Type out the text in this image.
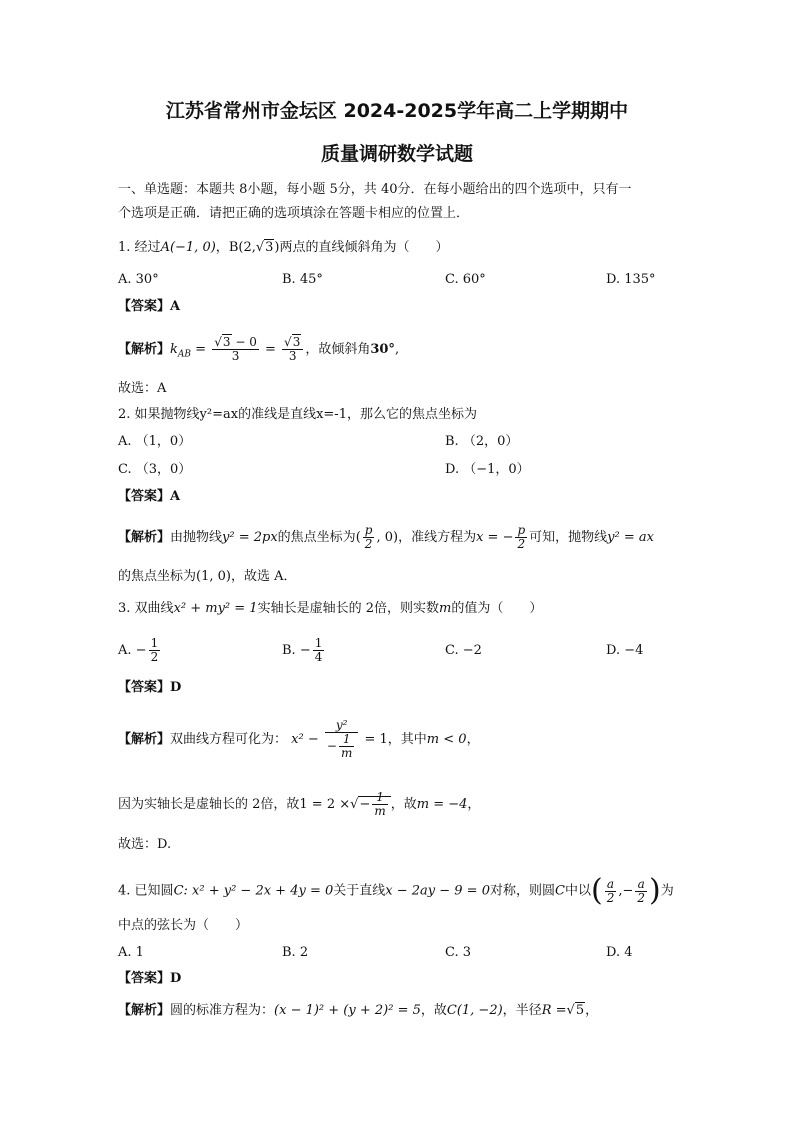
江苏省常州市金坛区 2024-2025学年高二上学期期中
质量调研数学试题
一、单选题：本题共 8小题，每小题 5分，共 40分．在每小题给出的四个选项中，只有一
个选项是正确．请把正确的选项填涂在答题卡相应的位置上．
1. 经过A(−1, 0)，B(2,√3)两点的直线倾斜角为（　　）
A. 30°	B. 45°	C. 60°	D. 135°
【答案】A
【解析】$k_{AB} = \frac{√3 - 0}{3} = \frac{√3}{3}$ ，故倾斜角30°,
故选：A
2. 如果抛物线y²=ax的准线是直线x=-1，那么它的焦点坐标为
A. （1，0）	B. （2，0）
C. （3，0）	D. （−1，0）
【答案】A
【解析】由抛物线y² = 2px的焦点坐标为( $\frac{p}{2}$ , 0)，准线方程为x = − $\frac{p}{2}$ 可知，抛物线y² = ax
的焦点坐标为(1, 0)，故选 A．
3. 双曲线x² + my² = 1实轴长是虚轴长的 2倍，则实数m的值为（　　）
A. − $\frac{1}{2}$	B. − $\frac{1}{4}$	C. −2	D. −4
【答案】D
【解析】双曲线方程可化为： $x^2 - \frac{\text{y²}}{- \frac{1}{m}} = 1$，其中m < 0，
因为实轴长是虚轴长的 2倍，故1 = 2 ×√− $\frac{1}{m}$ ，故m = −4，
故选：D.
4. 已知圆C: x² + y² − 2x + 4y = 0关于直线x − 2ay − 9 = 0对称，则圆C中以( $\frac{a}{2}$ ,− $\frac{a}{2}$ )为
中点的弦长为（　　）
A. 1	B. 2	C. 3	D. 4
【答案】D
【解析】圆的标准方程为：(x − 1)² + (y + 2)² = 5，故C(1, −2)，半径R =√5，
